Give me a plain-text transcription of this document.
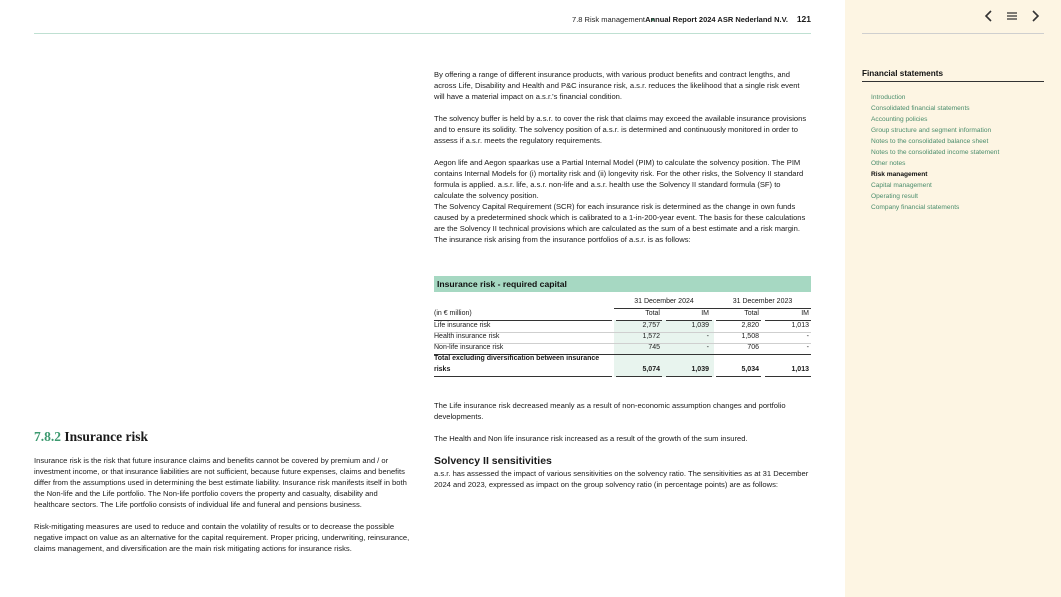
7.8 Risk management Annual Report 2024 ASR Nederland N.V. 121

By offering a range of different insurance products, with various product benefits and contract lengths, and across Life, Disability and Health and P&C insurance risk, a.s.r. reduces the likelihood that a single risk event will have a material impact on a.s.r.'s financial condition.

The solvency buffer is held by a.s.r. to cover the risk that claims may exceed the available insurance provisions and to ensure its solidity. The solvency position of a.s.r. is determined and continuously monitored in order to assess if a.s.r. meets the regulatory requirements.

Aegon life and Aegon spaarkas use a Partial Internal Model (PIM) to calculate the solvency position. The PIM contains Internal Models for (i) mortality risk and (ii) longevity risk. For the other risks, the Solvency II standard formula is applied. a.s.r. life, a.s.r. non-life and a.s.r. health use the Solvency II standard formula (SF) to calculate the solvency position.

The Solvency Capital Requirement (SCR) for each insurance risk is determined as the change in own funds caused by a predetermined shock which is calibrated to a 1-in-200-year event. The basis for these calculations are the Solvency II technical provisions which are calculated as the sum of a best estimate and a risk margin.

The insurance risk arising from the insurance portfolios of a.s.r. is as follows:

Insurance risk - required capital
31 December 2024	31 December 2023
(in € million)	Total	IM	Total	IM
Life insurance risk	2,757	1,039	2,820	1,013
Health insurance risk	1,572	-	1,508	-
Non-life insurance risk	745	-	706	-
Total excluding diversification between insurance
risks	5,074	1,039	5,034	1,013

The Life insurance risk decreased meanly as a result of non-economic assumption changes and portfolio developments.

The Health and Non life insurance risk increased as a result of the growth of the sum insured.

Solvency II sensitivities

a.s.r. has assessed the impact of various sensitivities on the solvency ratio. The sensitivities as at 31 December 2024 and 2023, expressed as impact on the group solvency ratio (in percentage points) are as follows:

7.8.2 Insurance risk

Insurance risk is the risk that future insurance claims and benefits cannot be covered by premium and / or investment income, or that insurance liabilities are not sufficient, because future expenses, claims and benefits differ from the assumptions used in determining the best estimate liability. Insurance risk manifests itself in both the Non-life and the Life portfolio. The Non-life portfolio covers the property and casualty, disability and healthcare sectors. The Life portfolio consists of individual life and funeral and pensions business.

Risk-mitigating measures are used to reduce and contain the volatility of results or to decrease the possible negative impact on value as an alternative for the capital requirement. Proper pricing, underwriting, reinsurance, claims management, and diversification are the main risk mitigating actions for insurance risks.

Financial statements
Introduction
Consolidated financial statements
Accounting policies
Group structure and segment information
Notes to the consolidated balance sheet
Notes to the consolidated income statement
Other notes
Risk management
Capital management
Operating result
Company financial statements
